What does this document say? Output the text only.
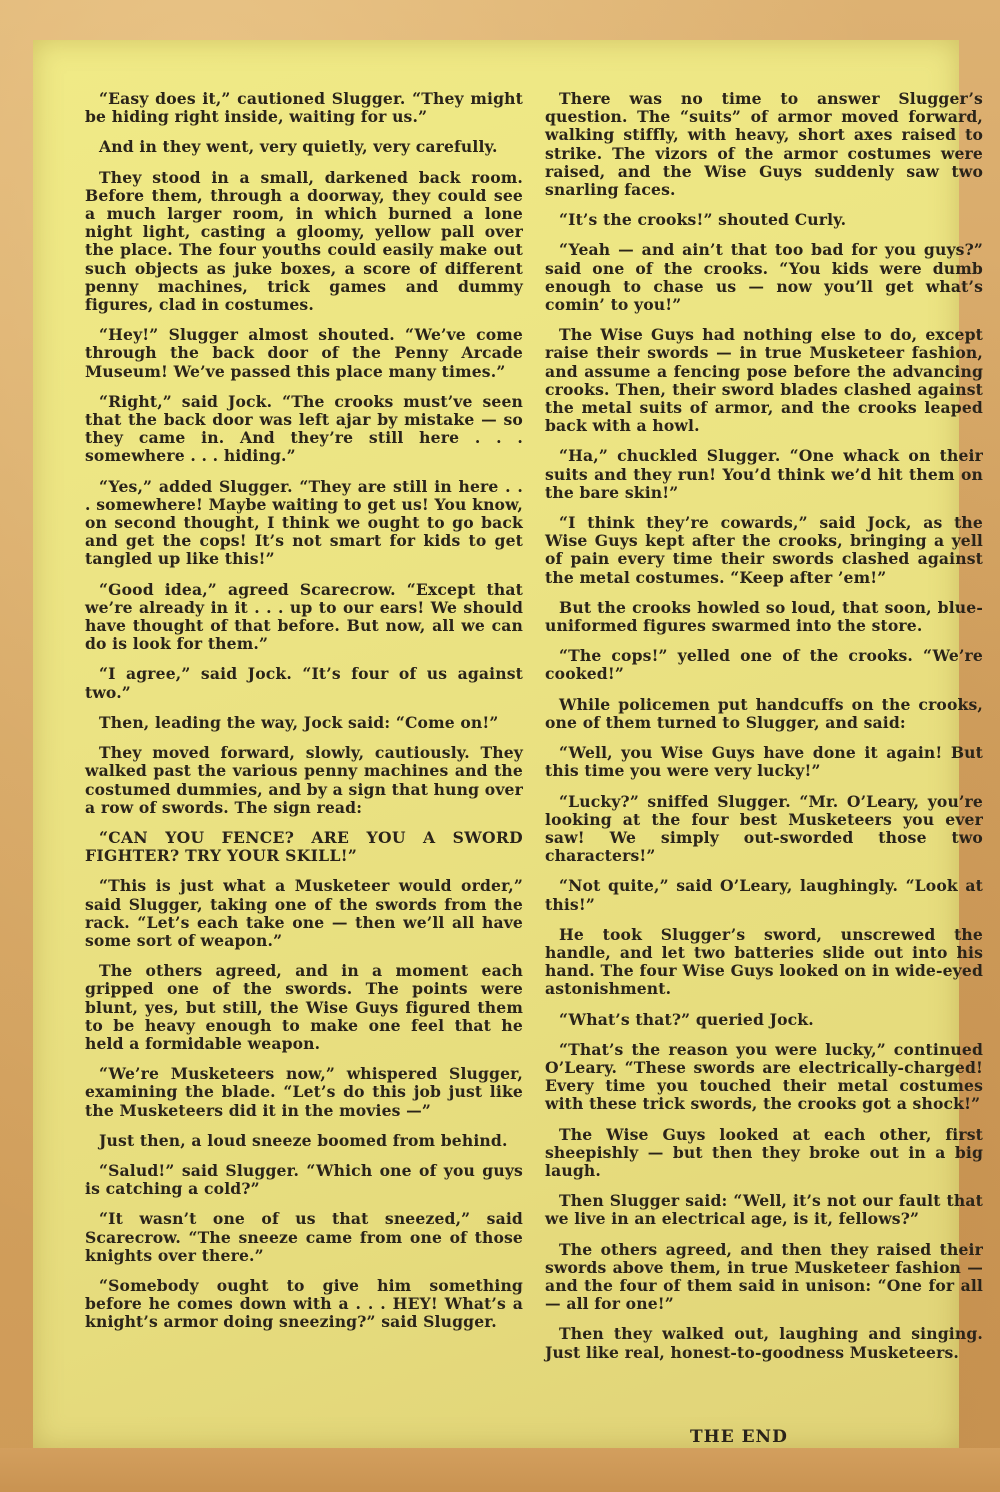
“Easy does it,” cautioned Slugger. “They might be hiding right inside, waiting for us.”

And in they went, very quietly, very carefully.

They stood in a small, darkened back room. Before them, through a doorway, they could see a much larger room, in which burned a lone night light, casting a gloomy, yellow pall over the place. The four youths could easily make out such objects as juke boxes, a score of different penny machines, trick games and dummy figures, clad in costumes.

“Hey!” Slugger almost shouted. “We’ve come through the back door of the Penny Arcade Museum! We’ve passed this place many times.”

“Right,” said Jock. “The crooks must’ve seen that the back door was left ajar by mistake — so they came in. And they’re still here . . . somewhere . . . hiding.”

“Yes,” added Slugger. “They are still in here . . . somewhere! Maybe waiting to get us! You know, on second thought, I think we ought to go back and get the cops! It’s not smart for kids to get tangled up like this!”

“Good idea,” agreed Scarecrow. “Except that we’re already in it . . . up to our ears! We should have thought of that before. But now, all we can do is look for them.”

“I agree,” said Jock. “It’s four of us against two.”

Then, leading the way, Jock said: “Come on!”

They moved forward, slowly, cautiously. They walked past the various penny machines and the costumed dummies, and by a sign that hung over a row of swords. The sign read:

“CAN YOU FENCE? ARE YOU A SWORD FIGHTER? TRY YOUR SKILL!”

“This is just what a Musketeer would order,” said Slugger, taking one of the swords from the rack. “Let’s each take one — then we’ll all have some sort of weapon.”

The others agreed, and in a moment each gripped one of the swords. The points were blunt, yes, but still, the Wise Guys figured them to be heavy enough to make one feel that he held a formidable weapon.

“We’re Musketeers now,” whispered Slugger, examining the blade. “Let’s do this job just like the Musketeers did it in the movies —”

Just then, a loud sneeze boomed from behind.

“Salud!” said Slugger. “Which one of you guys is catching a cold?”

“It wasn’t one of us that sneezed,” said Scarecrow. “The sneeze came from one of those knights over there.”

“Somebody ought to give him something before he comes down with a . . . HEY! What’s a knight’s armor doing sneezing?” said Slugger.

There was no time to answer Slugger’s question. The “suits” of armor moved forward, walking stiffly, with heavy, short axes raised to strike. The vizors of the armor costumes were raised, and the Wise Guys suddenly saw two snarling faces.

“It’s the crooks!” shouted Curly.

“Yeah — and ain’t that too bad for you guys?” said one of the crooks. “You kids were dumb enough to chase us — now you’ll get what’s comin’ to you!”

The Wise Guys had nothing else to do, except raise their swords — in true Musketeer fashion, and assume a fencing pose before the advancing crooks. Then, their sword blades clashed against the metal suits of armor, and the crooks leaped back with a howl.

“Ha,” chuckled Slugger. “One whack on their suits and they run! You’d think we’d hit them on the bare skin!”

“I think they’re cowards,” said Jock, as the Wise Guys kept after the crooks, bringing a yell of pain every time their swords clashed against the metal costumes. “Keep after ’em!”

But the crooks howled so loud, that soon, blue-uniformed figures swarmed into the store.

“The cops!” yelled one of the crooks. “We’re cooked!”

While policemen put handcuffs on the crooks, one of them turned to Slugger, and said:

“Well, you Wise Guys have done it again! But this time you were very lucky!”

“Lucky?” sniffed Slugger. “Mr. O’Leary, you’re looking at the four best Musketeers you ever saw! We simply out-sworded those two characters!”

“Not quite,” said O’Leary, laughingly. “Look at this!”

He took Slugger’s sword, unscrewed the handle, and let two batteries slide out into his hand. The four Wise Guys looked on in wide-eyed astonishment.

“What’s that?” queried Jock.

“That’s the reason you were lucky,” continued O’Leary. “These swords are electrically-charged! Every time you touched their metal costumes with these trick swords, the crooks got a shock!”

The Wise Guys looked at each other, first sheepishly — but then they broke out in a big laugh.

Then Slugger said: “Well, it’s not our fault that we live in an electrical age, is it, fellows?”

The others agreed, and then they raised their swords above them, in true Musketeer fashion — and the four of them said in unison: “One for all — all for one!”

Then they walked out, laughing and singing. Just like real, honest-to-goodness Musketeers.

THE END
